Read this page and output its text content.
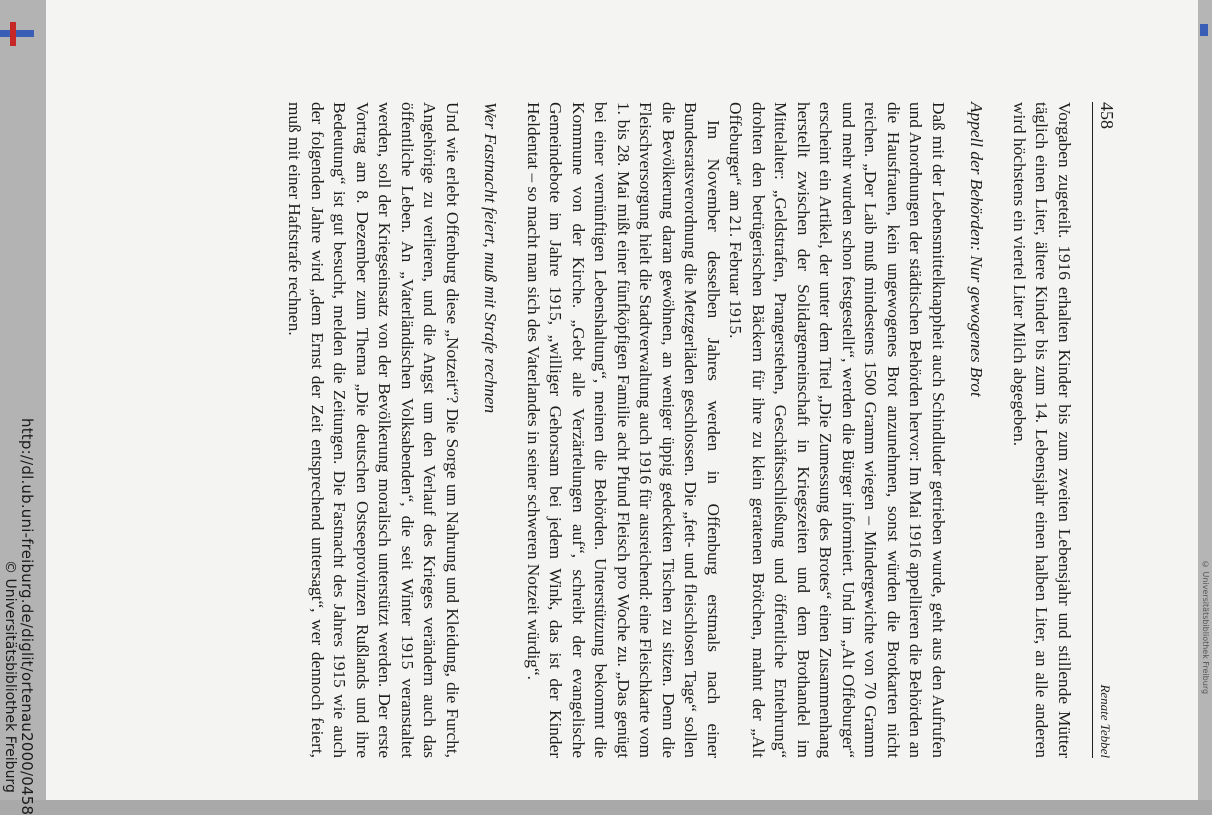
© Universitätsbibliothek Freiburg
458
Renate Tebbel

Vorgaben zugeteilt. 1916 erhalten Kinder bis zum zweiten Lebensjahr und stillende Mütter täglich einen Liter, ältere Kinder bis zum 14. Lebensjahr einen halben Liter, an alle anderen wird höchstens ein viertel Liter Milch abgegeben.

Appell der Behörden: Nur gewogenes Brot

Daß mit der Lebensmittelknappheit auch Schindluder getrieben wurde, geht aus den Aufrufen und Anordnungen der städtischen Behörden hervor: Im Mai 1916 appellieren die Behörden an die Hausfrauen, kein ungewogenes Brot anzunehmen, sonst würden die Brotkarten nicht reichen. „Der Laib muß mindestens 1500 Gramm wiegen – Mindergewichte von 70 Gramm und mehr wurden schon festgestellt“, werden die Bürger informiert. Und im „Alt Offeburger“ erscheint ein Artikel, der unter dem Titel „Die Zumessung des Brotes“ einen Zusammenhang herstellt zwischen der Solidargemeinschaft in Kriegszeiten und dem Brothandel im Mittelalter: „Geldstrafen, Prangerstehen, Geschäftsschließung und öffentliche Entehrung“ drohten den betrügerischen Bäckern für ihre zu klein geratenen Brötchen, mahnt der „Alt Offeburger“ am 21. Februar 1915.

Im November desselben Jahres werden in Offenburg erstmals nach einer Bundesratsverordnung die Metzgerläden geschlossen. Die „fett- und fleischlosen Tage“ sollen die Bevölkerung daran gewöhnen, an weniger üppig gedeckten Tischen zu sitzen. Denn die Fleischversorgung hielt die Stadtverwaltung auch 1916 für ausreichend: eine Fleischkarte vom 1. bis 28. Mai mißt einer fünfköpfigen Familie acht Pfund Fleisch pro Woche zu. „Das genügt bei einer vernünftigen Lebenshaltung“, meinen die Behörden. Unterstützung bekommt die Kommune von der Kirche. „Gebt alle Verzärtelungen auf“, schreibt der evangelische Gemeindebote im Jahre 1915, „williger Gehorsam bei jedem Wink, das ist der Kinder Heldentat – so macht man sich des Vaterlandes in seiner schweren Notzeit würdig“.

Wer Fastnacht feiert, muß mit Strafe rechnen

Und wie erlebt Offenburg diese „Notzeit“? Die Sorge um Nahrung und Kleidung, die Furcht, Angehörige zu verlieren, und die Angst um den Verlauf des Krieges verändern auch das öffentliche Leben. An „Vaterländischen Volksabenden“, die seit Winter 1915 veranstaltet werden, soll der Kriegseinsatz von der Bevölkerung moralisch unterstützt werden. Der erste Vortrag am 8. Dezember zum Thema „Die deutschen Ostseeprovinzen Rußlands und ihre Bedeutung“ ist gut besucht, melden die Zeitungen. Die Fastnacht des Jahres 1915 wie auch der folgenden Jahre wird „dem Ernst der Zeit entsprechend untersagt“, wer dennoch feiert, muß mit einer Haftstrafe rechnen.

http://dl.ub.uni-freiburg.de/diglit/ortenau2000/0458
© Universitätsbibliothek Freiburg
